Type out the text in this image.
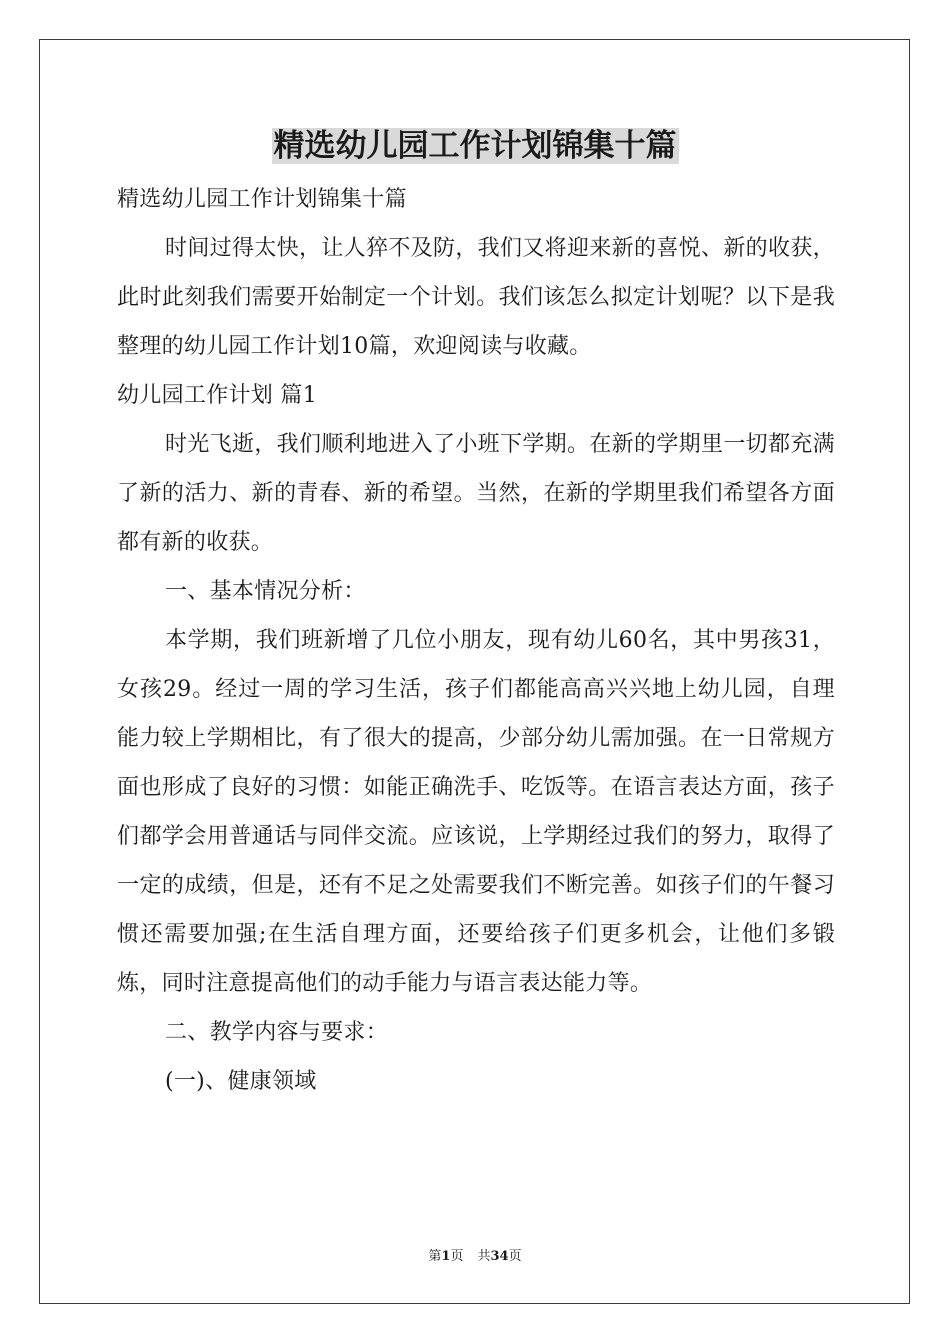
精选幼儿园工作计划锦集十篇

精选幼儿园工作计划锦集十篇

时间过得太快，让人猝不及防，我们又将迎来新的喜悦、新的收获，此时此刻我们需要开始制定一个计划。我们该怎么拟定计划呢？以下是我整理的幼儿园工作计划10篇，欢迎阅读与收藏。

幼儿园工作计划 篇1

时光飞逝，我们顺利地进入了小班下学期。在新的学期里一切都充满了新的活力、新的青春、新的希望。当然，在新的学期里我们希望各方面都有新的收获。

一、基本情况分析：

本学期，我们班新增了几位小朋友，现有幼儿60名，其中男孩31，女孩29。经过一周的学习生活，孩子们都能高高兴兴地上幼儿园，自理能力较上学期相比，有了很大的提高，少部分幼儿需加强。在一日常规方面也形成了良好的习惯：如能正确洗手、吃饭等。在语言表达方面，孩子们都学会用普通话与同伴交流。应该说，上学期经过我们的努力，取得了一定的成绩，但是，还有不足之处需要我们不断完善。如孩子们的午餐习惯还需要加强;在生活自理方面，还要给孩子们更多机会，让他们多锻炼，同时注意提高他们的动手能力与语言表达能力等。

二、教学内容与要求：

(一)、健康领域

第1页 共34页
